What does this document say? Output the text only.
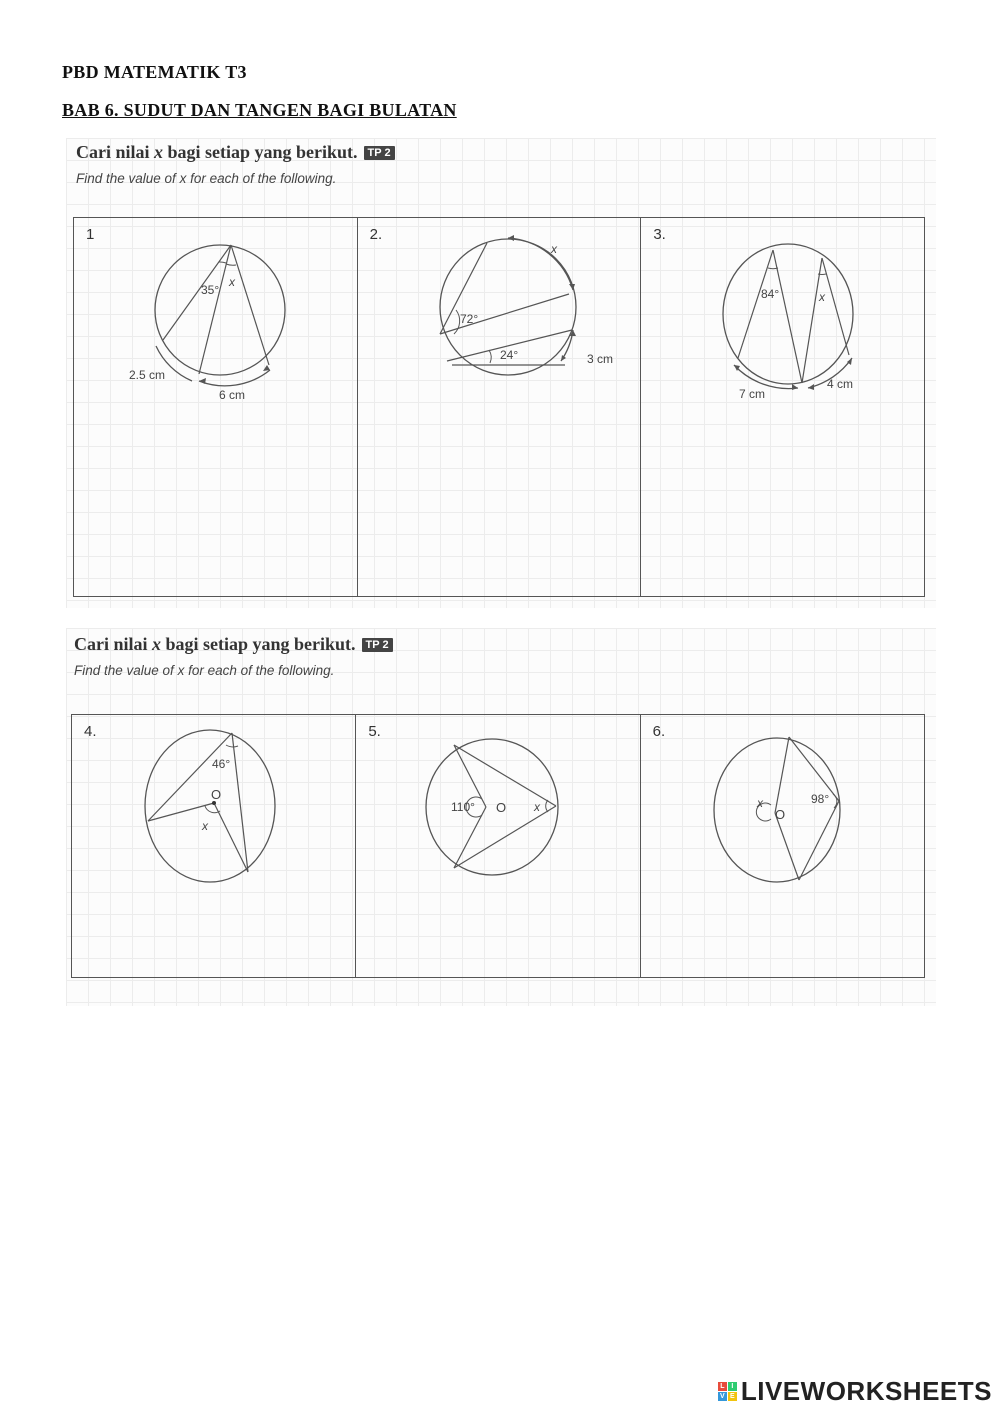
PBD MATEMATIK T3
BAB 6. SUDUT DAN TANGEN BAGI BULATAN
Cari nilai x bagi setiap yang berikut. TP 2
Find the value of x for each of the following.
1
35°
x
2.5 cm
6 cm
2.
x
72°
24°	3 cm
3.
84°	x
7 cm
4 cm
Cari nilai x bagi setiap yang berikut. TP 2
Find the value of x for each of the following.
4.
46°
O
x
5.
110° O x
6.
x
O
98°
L I
V E LIVEWORKSHEETS
